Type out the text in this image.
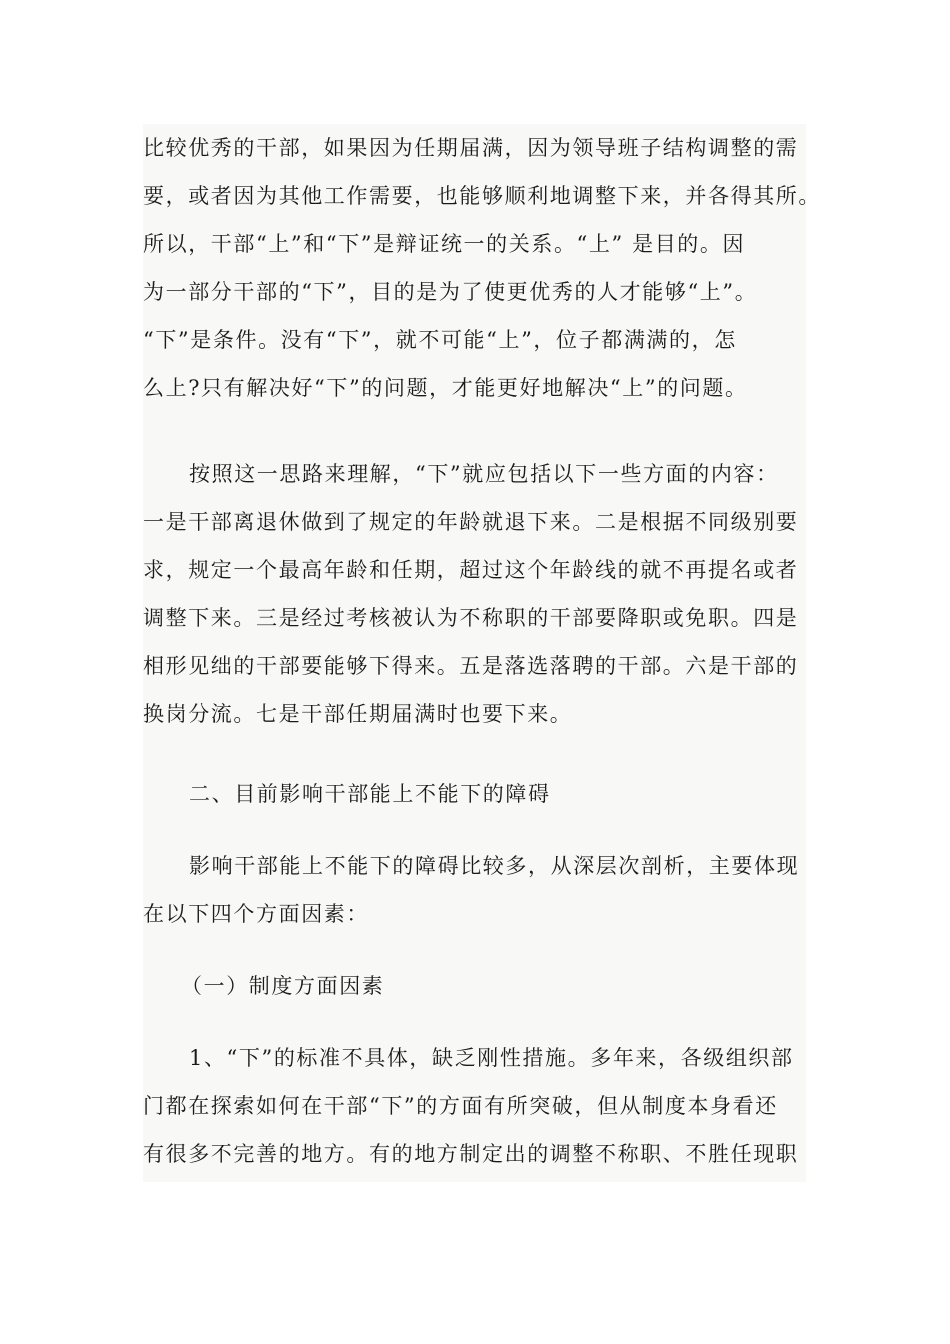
比较优秀的干部，如果因为任期届满，因为领导班子结构调整的需
要，或者因为其他工作需要，也能够顺利地调整下来，并各得其所。
所以，干部“上”和“下”是辩证统一的关系。“上” 是目的。因
为一部分干部的“下”，目的是为了使更优秀的人才能够“上”。
“下”是条件。没有“下”，就不可能“上”，位子都满满的，怎
么上?只有解决好“下”的问题，才能更好地解决“上”的问题。

按照这一思路来理解，“下”就应包括以下一些方面的内容：
一是干部离退休做到了规定的年龄就退下来。二是根据不同级别要
求，规定一个最高年龄和任期，超过这个年龄线的就不再提名或者
调整下来。三是经过考核被认为不称职的干部要降职或免职。四是
相形见绌的干部要能够下得来。五是落选落聘的干部。六是干部的
换岗分流。七是干部任期届满时也要下来。

二、目前影响干部能上不能下的障碍

影响干部能上不能下的障碍比较多，从深层次剖析，主要体现
在以下四个方面因素：

（一）制度方面因素

1、“下”的标准不具体，缺乏刚性措施。多年来，各级组织部
门都在探索如何在干部“下”的方面有所突破，但从制度本身看还
有很多不完善的地方。有的地方制定出的调整不称职、不胜任现职
